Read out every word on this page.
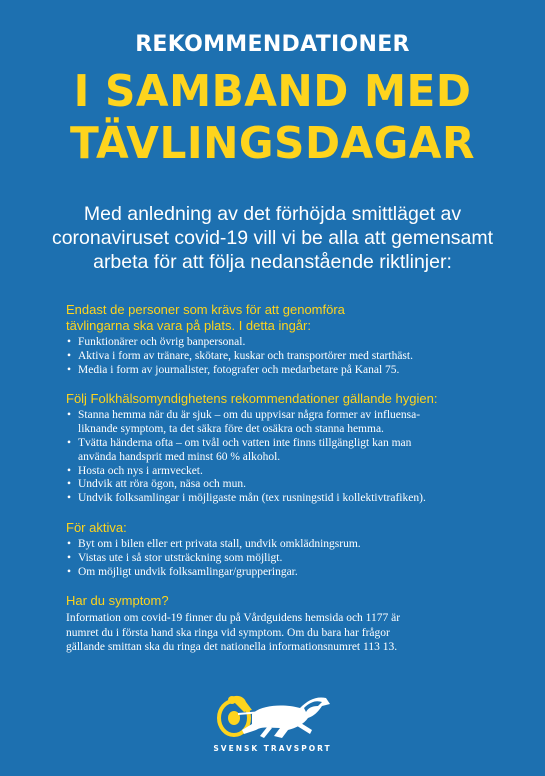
REKOMMENDATIONER
I SAMBAND MED
TÄVLINGSDAGAR
Med anledning av det förhöjda smittläget av
coronaviruset covid-19 vill vi be alla att gemensamt
arbeta för att följa nedanstående riktlinjer:
Endast de personer som krävs för att genomföra
tävlingarna ska vara på plats. I detta ingår:
• Funktionärer och övrig banpersonal.
• Aktiva i form av tränare, skötare, kuskar och transportörer med starthäst.
• Media i form av journalister, fotografer och medarbetare på Kanal 75.
Följ Folkhälsomyndighetens rekommendationer gällande hygien:
• Stanna hemma när du är sjuk – om du uppvisar några former av influensa-
liknande symptom, ta det säkra före det osäkra och stanna hemma.
• Tvätta händerna ofta – om tvål och vatten inte finns tillgängligt kan man
använda handsprit med minst 60 % alkohol.
• Hosta och nys i armvecket.
• Undvik att röra ögon, näsa och mun.
• Undvik folksamlingar i möjligaste mån (tex rusningstid i kollektivtrafiken).
För aktiva:
• Byt om i bilen eller ert privata stall, undvik omklädningsrum.
• Vistas ute i så stor utsträckning som möjligt.
• Om möjligt undvik folksamlingar/grupperingar.
Har du symptom?
Information om covid-19 finner du på Vårdguidens hemsida och 1177 är
numret du i första hand ska ringa vid symptom. Om du bara har frågor
gällande smittan ska du ringa det nationella informationsnumret 113 13.
SVENSK TRAVSPORT
